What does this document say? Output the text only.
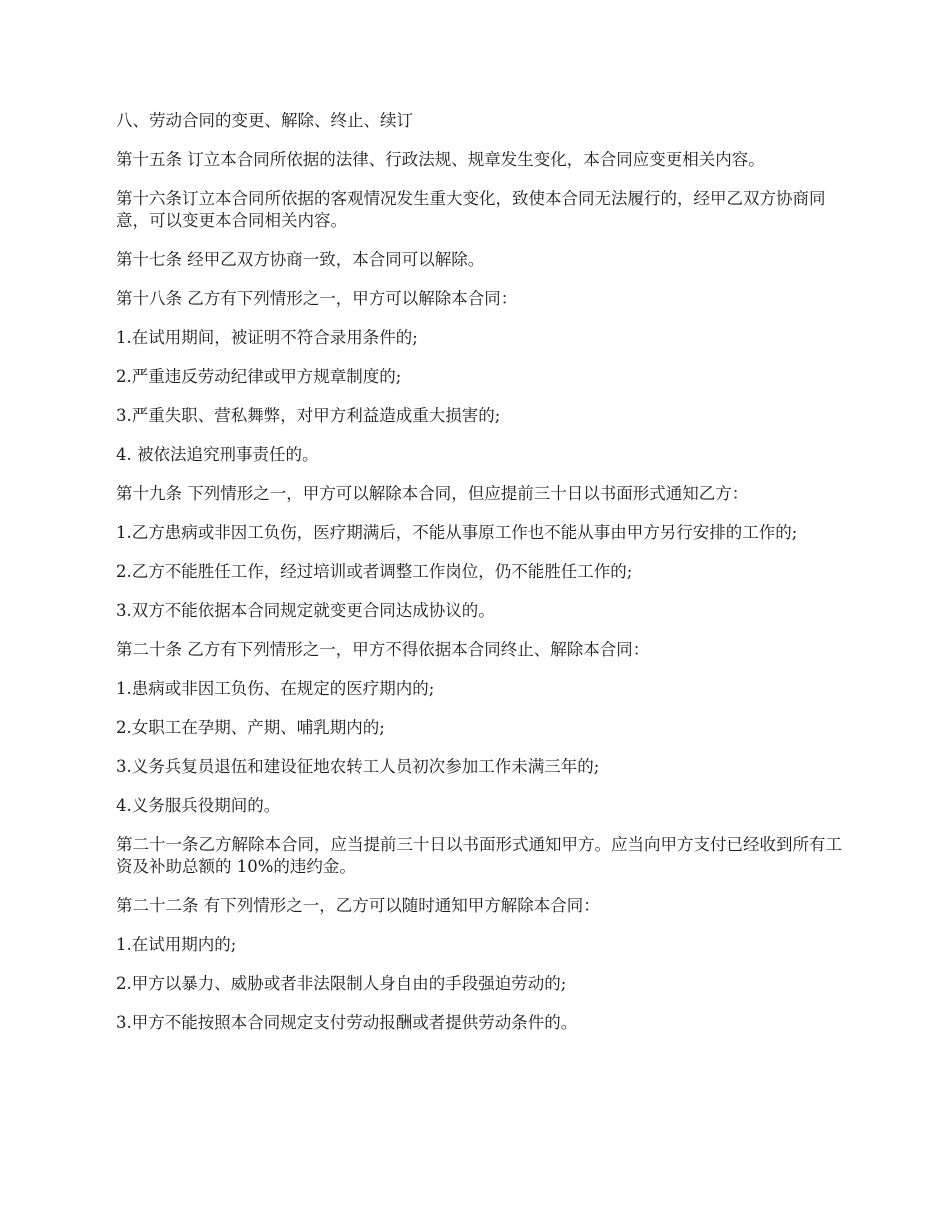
八、劳动合同的变更、解除、终止、续订

第十五条 订立本合同所依据的法律、行政法规、规章发生变化，本合同应变更相关内容。

第十六条订立本合同所依据的客观情况发生重大变化，致使本合同无法履行的，经甲乙双方协商同意，可以变更本合同相关内容。

第十七条 经甲乙双方协商一致，本合同可以解除。

第十八条 乙方有下列情形之一，甲方可以解除本合同：

1.在试用期间，被证明不符合录用条件的;

2.严重违反劳动纪律或甲方规章制度的;

3.严重失职、营私舞弊，对甲方利益造成重大损害的;

4. 被依法追究刑事责任的。

第十九条 下列情形之一，甲方可以解除本合同，但应提前三十日以书面形式通知乙方：

1.乙方患病或非因工负伤，医疗期满后，不能从事原工作也不能从事由甲方另行安排的工作的;

2.乙方不能胜任工作，经过培训或者调整工作岗位，仍不能胜任工作的;

3.双方不能依据本合同规定就变更合同达成协议的。

第二十条 乙方有下列情形之一，甲方不得依据本合同终止、解除本合同：

1.患病或非因工负伤、在规定的医疗期内的;

2.女职工在孕期、产期、哺乳期内的;

3.义务兵复员退伍和建设征地农转工人员初次参加工作未满三年的;

4.义务服兵役期间的。

第二十一条乙方解除本合同，应当提前三十日以书面形式通知甲方。应当向甲方支付已经收到所有工资及补助总额的 10%的违约金。

第二十二条 有下列情形之一，乙方可以随时通知甲方解除本合同：

1.在试用期内的;

2.甲方以暴力、威胁或者非法限制人身自由的手段强迫劳动的;

3.甲方不能按照本合同规定支付劳动报酬或者提供劳动条件的。
